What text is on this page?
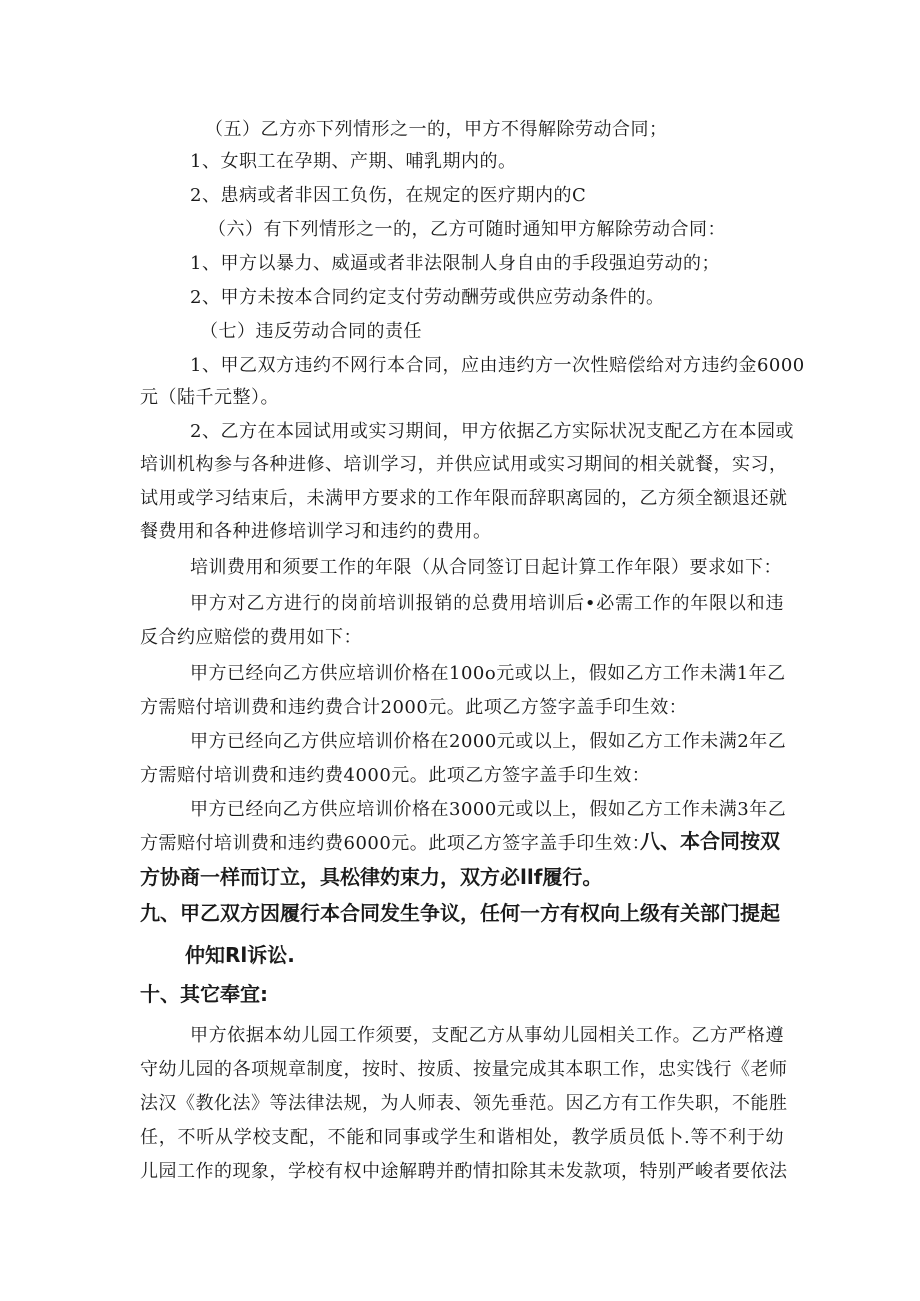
（五）乙方亦下列情形之一的，甲方不得解除劳动合同；
1、女职工在孕期、产期、哺乳期内的。
2、患病或者非因工负伤，在规定的医疗期内的C
（六）有下列情形之一的，乙方可随时通知甲方解除劳动合同：
1、甲方以暴力、威逼或者非法限制人身自由的手段强迫劳动的；
2、甲方未按本合同约定支付劳动酬劳或供应劳动条件的。
（七）违反劳动合同的责任
1、甲乙双方违约不网行本合同，应由违约方一次性赔偿给对方违约金6000
元（陆千元整）。
2、乙方在本园试用或实习期间，甲方依据乙方实际状况支配乙方在本园或
培训机构参与各种进修、培训学习，并供应试用或实习期间的相关就餐，实习，
试用或学习结束后，未满甲方要求的工作年限而辞职离园的，乙方须全额退还就
餐费用和各种进修培训学习和违约的费用。
培训费用和须要工作的年限（从合同签订日起计算工作年限）要求如下：
甲方对乙方进行的岗前培训报销的总费用培训后•必需工作的年限以和违
反合约应赔偿的费用如下：
甲方已经向乙方供应培训价格在100o元或以上，假如乙方工作未满1年乙
方需赔付培训费和违约费合计2000元。此项乙方签字盖手印生效：
甲方已经向乙方供应培训价格在2000元或以上，假如乙方工作未满2年乙
方需赔付培训费和违约费4000元。此项乙方签字盖手印生效：
甲方已经向乙方供应培训价格在3000元或以上，假如乙方工作未满3年乙
方需赔付培训费和违约费6000元。此项乙方签字盖手印生效：
八、本合同按双
方协商一样而订立，具松律妁束力，双方必llf履行。
九、甲乙双方因履行本合同发生争议，任何一方有权向上级有关部门提起
仲知Rl诉讼.
十、其它奉宜:
甲方依据本幼儿园工作须要，支配乙方从事幼儿园相关工作。乙方严格遵
守幼儿园的各项规章制度，按时、按质、按量完成其本职工作，忠实饯行《老师
法汉《教化法》等法律法规，为人师表、领先垂范。因乙方有工作失职，不能胜
任，不听从学校支配，不能和同事或学生和谐相处，教学质员低卜.等不利于幼
儿园工作的现象，学校有权中途解聘并酌情扣除其未发款项，特别严峻者要依法
